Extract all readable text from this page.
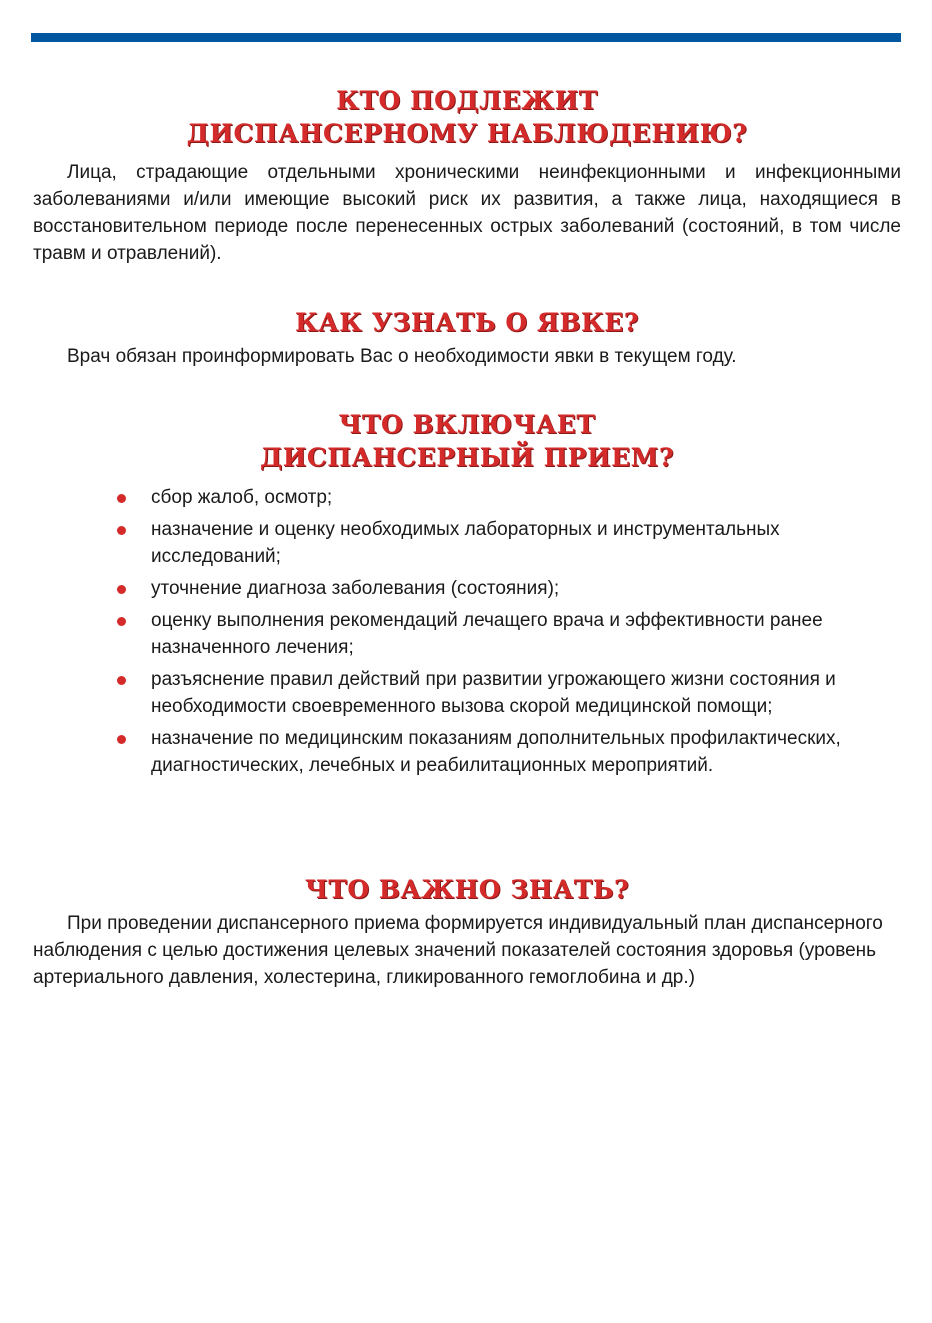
КТО ПОДЛЕЖИТ
ДИСПАНСЕРНОМУ НАБЛЮДЕНИЮ?

Лица, страдающие отдельными хроническими неинфекционными и инфекционными заболеваниями и/или имеющие высокий риск их развития, а также лица, находящиеся в восстановительном периоде после перенесенных острых заболеваний (состояний, в том числе травм и отравлений).

КАК УЗНАТЬ О ЯВКЕ?

Врач обязан проинформировать Вас о необходимости явки в текущем году.

ЧТО ВКЛЮЧАЕТ
ДИСПАНСЕРНЫЙ ПРИЕМ?
сбор жалоб, осмотр;
назначение и оценку необходимых лабораторных и инструментальных исследований;
уточнение диагноза заболевания (состояния);
оценку выполнения рекомендаций лечащего врача и эффективности ранее назначенного лечения;
разъяснение правил действий при развитии угрожающего жизни состояния и необходимости своевременного вызова скорой медицинской помощи;
назначение по медицинским показаниям дополнительных профилактических, диагностических, лечебных и реабилитационных мероприятий.
ЧТО ВАЖНО ЗНАТЬ?

При проведении диспансерного приема формируется индивидуальный план диспансерного наблюдения с целью достижения целевых значений показателей состояния здоровья (уровень артериального давления, холестерина, гликированного гемоглобина и др.)
